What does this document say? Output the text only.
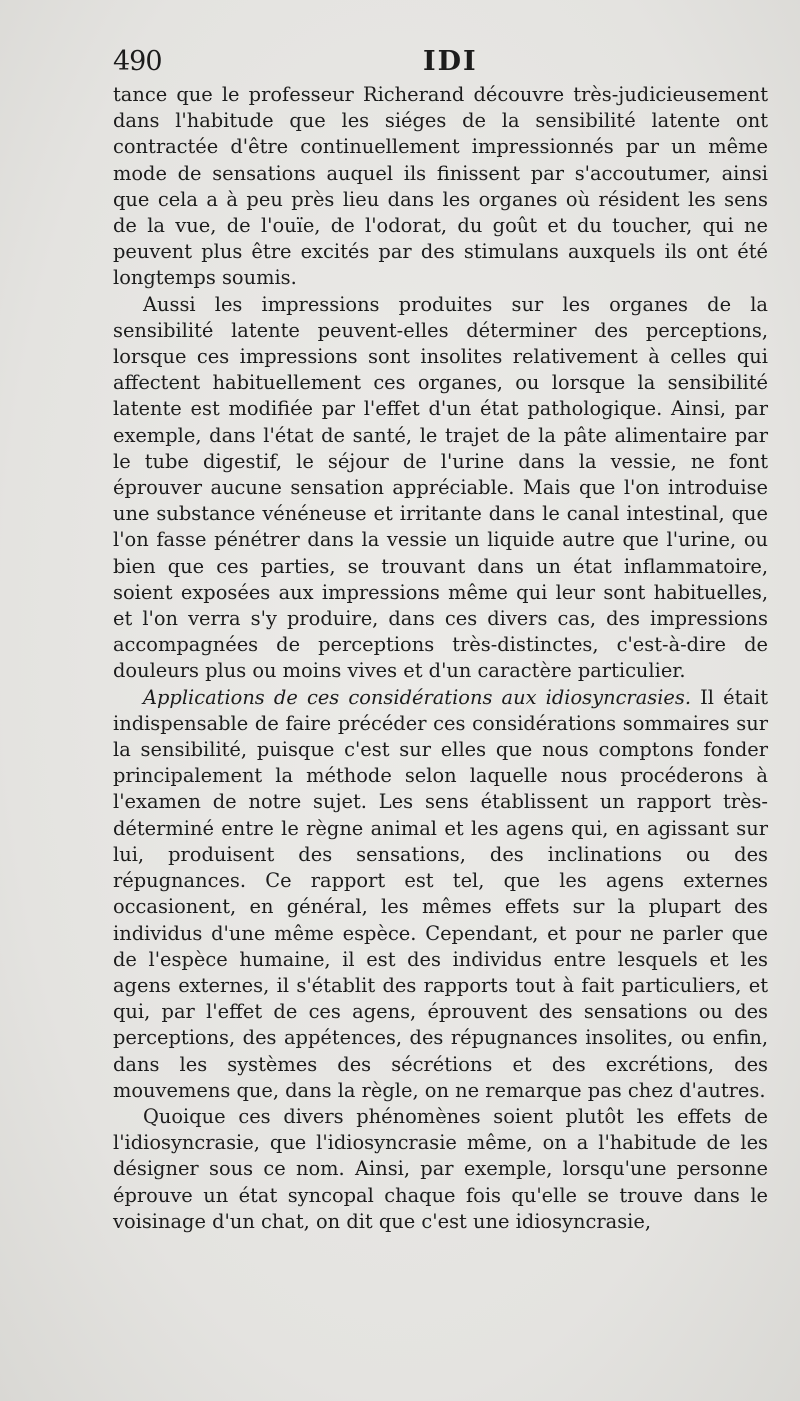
490	IDI

tance que le professeur Richerand découvre très-judicieusement dans l'habitude que les siéges de la sensibilité latente ont contractée d'être continuellement impressionnés par un même mode de sensations auquel ils finissent par s'accoutumer, ainsi que cela a à peu près lieu dans les organes où résident les sens de la vue, de l'ouïe, de l'odorat, du goût et du toucher, qui ne peuvent plus être excités par des stimulans auxquels ils ont été longtemps soumis.

Aussi les impressions produites sur les organes de la sensibilité latente peuvent-elles déterminer des perceptions, lorsque ces impressions sont insolites relativement à celles qui affectent habituellement ces organes, ou lorsque la sensibilité latente est modifiée par l'effet d'un état pathologique. Ainsi, par exemple, dans l'état de santé, le trajet de la pâte alimentaire par le tube digestif, le séjour de l'urine dans la vessie, ne font éprouver aucune sensation appréciable. Mais que l'on introduise une substance vénéneuse et irritante dans le canal intestinal, que l'on fasse pénétrer dans la vessie un liquide autre que l'urine, ou bien que ces parties, se trouvant dans un état inflammatoire, soient exposées aux impressions même qui leur sont habituelles, et l'on verra s'y produire, dans ces divers cas, des impressions accompagnées de perceptions très-distinctes, c'est-à-dire de douleurs plus ou moins vives et d'un caractère particulier.

Applications de ces considérations aux idiosyncrasies. Il était indispensable de faire précéder ces considérations sommaires sur la sensibilité, puisque c'est sur elles que nous comptons fonder principalement la méthode selon laquelle nous procéderons à l'examen de notre sujet. Les sens établissent un rapport très-déterminé entre le règne animal et les agens qui, en agissant sur lui, produisent des sensations, des inclinations ou des répugnances. Ce rapport est tel, que les agens externes occasionent, en général, les mêmes effets sur la plupart des individus d'une même espèce. Cependant, et pour ne parler que de l'espèce humaine, il est des individus entre lesquels et les agens externes, il s'établit des rapports tout à fait particuliers, et qui, par l'effet de ces agens, éprouvent des sensations ou des perceptions, des appétences, des répugnances insolites, ou enfin, dans les systèmes des sécrétions et des excrétions, des mouvemens que, dans la règle, on ne remarque pas chez d'autres.

Quoique ces divers phénomènes soient plutôt les effets de l'idiosyncrasie, que l'idiosyncrasie même, on a l'habitude de les désigner sous ce nom. Ainsi, par exemple, lorsqu'une personne éprouve un état syncopal chaque fois qu'elle se trouve dans le voisinage d'un chat, on dit que c'est une idiosyncrasie,
